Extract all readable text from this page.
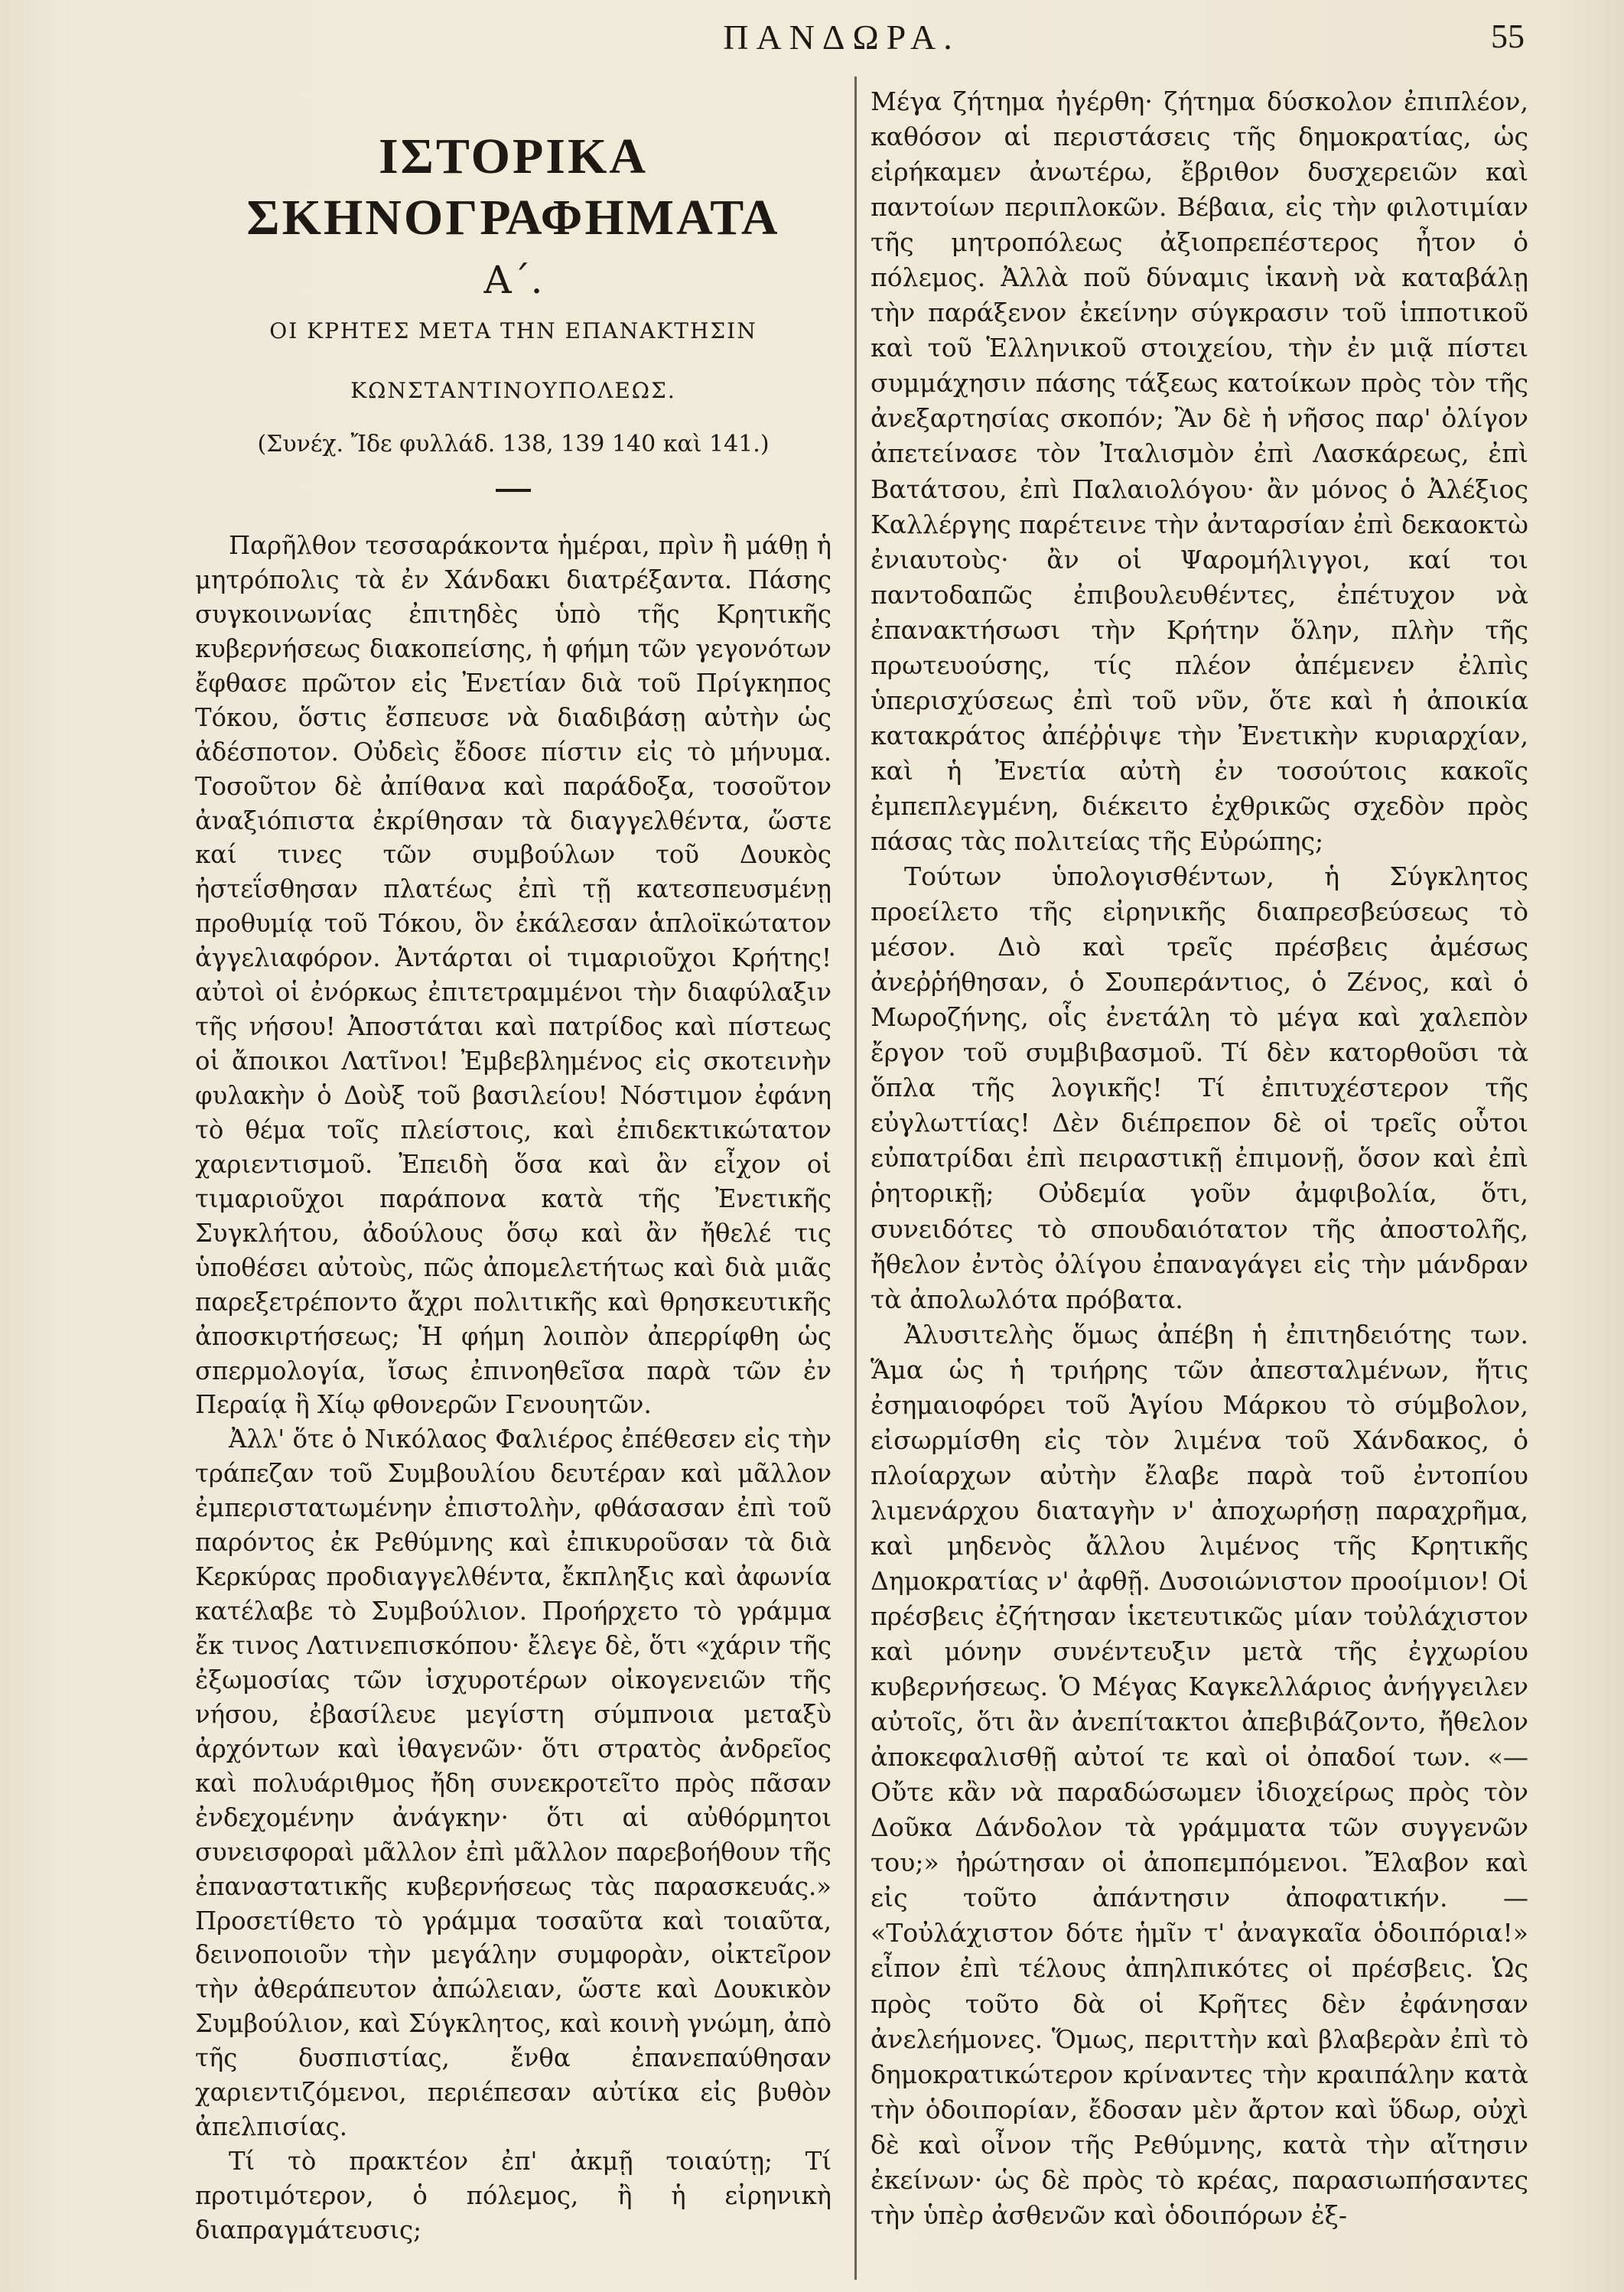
ΠΑΝΔΩΡΑ.	55
ΙΣΤΟΡΙΚΑ ΣΚΗΝΟΓΡΑΦΗΜΑΤΑ
Α΄.
ΟΙ ΚΡΗΤΕΣ ΜΕΤΑ ΤΗΝ ΕΠΑΝΑΚΤΗΣΙΝ
ΚΩΝΣΤΑΝΤΙΝΟΥΠΟΛΕΩΣ.
(Συνέχ. Ἴδε φυλλάδ. 138, 139 140 καὶ 141.)

Παρῆλθον τεσσαράκοντα ἡμέραι, πρὶν ἢ μάθῃ ἡ μητρόπολις τὰ ἐν Χάνδακι διατρέξαντα. Πάσης συγκοινωνίας ἐπιτηδὲς ὑπὸ τῆς Κρητικῆς κυβερνήσεως διακοπείσης, ἡ φήμη τῶν γεγονότων ἔφθασε πρῶτον εἰς Ἐνετίαν διὰ τοῦ Πρίγκηπος Τόκου, ὅστις ἔσπευσε νὰ διαδιβάσῃ αὐτὴν ὡς ἀδέσποτον. Οὐδεὶς ἔδοσε πίστιν εἰς τὸ μήνυμα. Τοσοῦτον δὲ ἀπίθανα καὶ παράδοξα, τοσοῦτον ἀναξιόπιστα ἐκρίθησαν τὰ διαγγελθέντα, ὥστε καί τινες τῶν συμβούλων τοῦ Δουκὸς ἠστεΐσθησαν πλατέως ἐπὶ τῇ κατεσπευσμένῃ προθυμίᾳ τοῦ Τόκου, ὃν ἐκάλεσαν ἁπλοϊκώτατον ἀγγελιαφόρον. Ἀντάρται οἱ τιμαριοῦχοι Κρήτης! αὐτοὶ οἱ ἐνόρκως ἐπιτετραμμένοι τὴν διαφύλαξιν τῆς νήσου! Ἀποστάται καὶ πατρίδος καὶ πίστεως οἱ ἄποικοι Λατῖνοι! Ἐμβεβλημένος εἰς σκοτεινὴν φυλακὴν ὁ Δοὺξ τοῦ βασιλείου! Νόστιμον ἐφάνη τὸ θέμα τοῖς πλείστοις, καὶ ἐπιδεκτικώτατον χαριεντισμοῦ. Ἐπειδὴ ὅσα καὶ ἂν εἶχον οἱ τιμαριοῦχοι παράπονα κατὰ τῆς Ἐνετικῆς Συγκλήτου, ἀδούλους ὅσῳ καὶ ἂν ἤθελέ τις ὑποθέσει αὐτοὺς, πῶς ἀπομελετήτως καὶ διὰ μιᾶς παρεξετρέποντο ἄχρι πολιτικῆς καὶ θρησκευτικῆς ἀποσκιρτήσεως; Ἡ φήμη λοιπὸν ἀπερρίφθη ὡς σπερμολογία, ἴσως ἐπινοηθεῖσα παρὰ τῶν ἐν Περαίᾳ ἢ Χίῳ φθονερῶν Γενουητῶν.

Ἀλλ' ὅτε ὁ Νικόλαος Φαλιέρος ἐπέθεσεν εἰς τὴν τράπεζαν τοῦ Συμβουλίου δευτέραν καὶ μᾶλλον ἐμπεριστατωμένην ἐπιστολὴν, φθάσασαν ἐπὶ τοῦ παρόντος ἐκ Ρεθύμνης καὶ ἐπικυροῦσαν τὰ διὰ Κερκύρας προδιαγγελθέντα, ἔκπληξις καὶ ἀφωνία κατέλαβε τὸ Συμβούλιον. Προήρχετο τὸ γράμμα ἔκ τινος Λατινεπισκόπου· ἔλεγε δὲ, ὅτι «χάριν τῆς ἐξωμοσίας τῶν ἰσχυροτέρων οἰκογενειῶν τῆς νήσου, ἐβασίλευε μεγίστη σύμπνοια μεταξὺ ἀρχόντων καὶ ἰθαγενῶν· ὅτι στρατὸς ἀνδρεῖος καὶ πολυάριθμος ἤδη συνεκροτεῖτο πρὸς πᾶσαν ἐνδεχομένην ἀνάγκην· ὅτι αἱ αὐθόρμητοι συνεισφοραὶ μᾶλλον ἐπὶ μᾶλλον παρεβοήθουν τῆς ἐπαναστατικῆς κυβερνήσεως τὰς παρασκευάς.» Προσετίθετο τὸ γράμμα τοσαῦτα καὶ τοιαῦτα, δεινοποιοῦν τὴν μεγάλην συμφορὰν, οἰκτεῖρον τὴν ἀθεράπευτον ἀπώλειαν, ὥστε καὶ Δουκικὸν Συμβούλιον, καὶ Σύγκλητος, καὶ κοινὴ γνώμη, ἀπὸ τῆς δυσπιστίας, ἔνθα ἐπανεπαύθησαν χαριεντιζόμενοι, περιέπεσαν αὐτίκα εἰς βυθὸν ἀπελπισίας.

Τί τὸ πρακτέον ἐπ' ἀκμῇ τοιαύτῃ; Τί προτιμότερον, ὁ πόλεμος, ἢ ἡ εἰρηνικὴ διαπραγμάτευσις;

Μέγα ζήτημα ἠγέρθη· ζήτημα δύσκολον ἐπιπλέον, καθόσον αἱ περιστάσεις τῆς δημοκρατίας, ὡς εἰρήκαμεν ἀνωτέρω, ἔβριθον δυσχερειῶν καὶ παντοίων περιπλοκῶν. Βέβαια, εἰς τὴν φιλοτιμίαν τῆς μητροπόλεως ἀξιοπρεπέστερος ἦτον ὁ πόλεμος. Ἀλλὰ ποῦ δύναμις ἱκανὴ νὰ καταβάλῃ τὴν παράξενον ἐκείνην σύγκρασιν τοῦ ἱπποτικοῦ καὶ τοῦ Ἑλληνικοῦ στοιχείου, τὴν ἐν μιᾷ πίστει συμμάχησιν πάσης τάξεως κατοίκων πρὸς τὸν τῆς ἀνεξαρτησίας σκοπόν; Ἂν δὲ ἡ νῆσος παρ' ὀλίγον ἀπετείνασε τὸν Ἰταλισμὸν ἐπὶ Λασκάρεως, ἐπὶ Βατάτσου, ἐπὶ Παλαιολόγου· ἂν μόνος ὁ Ἀλέξιος Καλλέργης παρέτεινε τὴν ἀνταρσίαν ἐπὶ δεκαοκτὼ ἐνιαυτοὺς· ἂν οἱ Ψαρομήλιγγοι, καί τοι παντοδαπῶς ἐπιβουλευθέντες, ἐπέτυχον νὰ ἐπανακτήσωσι τὴν Κρήτην ὅλην, πλὴν τῆς πρωτευούσης, τίς πλέον ἀπέμενεν ἐλπὶς ὑπερισχύσεως ἐπὶ τοῦ νῦν, ὅτε καὶ ἡ ἀποικία κατακράτος ἀπέῤῥιψε τὴν Ἐνετικὴν κυριαρχίαν, καὶ ἡ Ἐνετία αὐτὴ ἐν τοσούτοις κακοῖς ἐμπεπλεγμένη, διέκειτο ἐχθρικῶς σχεδὸν πρὸς πάσας τὰς πολιτείας τῆς Εὐρώπης;

Τούτων ὑπολογισθέντων, ἡ Σύγκλητος προείλετο τῆς εἰρηνικῆς διαπρεσβεύσεως τὸ μέσον. Διὸ καὶ τρεῖς πρέσβεις ἀμέσως ἀνεῤῥήθησαν, ὁ Σουπεράντιος, ὁ Ζένος, καὶ ὁ Μωροζήνης, οἷς ἐνετάλη τὸ μέγα καὶ χαλεπὸν ἔργον τοῦ συμβιβασμοῦ. Τί δὲν κατορθοῦσι τὰ ὅπλα τῆς λογικῆς! Τί ἐπιτυχέστερον τῆς εὐγλωττίας! Δὲν διέπρεπον δὲ οἱ τρεῖς οὗτοι εὐπατρίδαι ἐπὶ πειραστικῇ ἐπιμονῇ, ὅσον καὶ ἐπὶ ῥητορικῇ; Οὐδεμία γοῦν ἀμφιβολία, ὅτι, συνειδότες τὸ σπουδαιότατον τῆς ἀποστολῆς, ἤθελον ἐντὸς ὀλίγου ἐπαναγάγει εἰς τὴν μάνδραν τὰ ἀπολωλότα πρόβατα.

Ἀλυσιτελὴς ὅμως ἀπέβη ἡ ἐπιτηδειότης των. Ἅμα ὡς ἡ τριήρης τῶν ἀπεσταλμένων, ἥτις ἐσημαιοφόρει τοῦ Ἁγίου Μάρκου τὸ σύμβολον, εἰσωρμίσθη εἰς τὸν λιμένα τοῦ Χάνδακος, ὁ πλοίαρχων αὐτὴν ἔλαβε παρὰ τοῦ ἐντοπίου λιμενάρχου διαταγὴν ν' ἀποχωρήσῃ παραχρῆμα, καὶ μηδενὸς ἄλλου λιμένος τῆς Κρητικῆς Δημοκρατίας ν' ἀφθῇ. Δυσοιώνιστον προοίμιον! Οἱ πρέσβεις ἐζήτησαν ἱκετευτικῶς μίαν τοὐλάχιστον καὶ μόνην συνέντευξιν μετὰ τῆς ἐγχωρίου κυβερνήσεως. Ὁ Μέγας Καγκελλάριος ἀνήγγειλεν αὐτοῖς, ὅτι ἂν ἀνεπίτακτοι ἀπεβιβάζοντο, ἤθελον ἀποκεφαλισθῇ αὐτοί τε καὶ οἱ ὀπαδοί των. «— Οὔτε κἂν νὰ παραδώσωμεν ἰδιοχείρως πρὸς τὸν Δοῦκα Δάνδολον τὰ γράμματα τῶν συγγενῶν του;» ἠρώτησαν οἱ ἀποπεμπόμενοι. Ἔλαβον καὶ εἰς τοῦτο ἀπάντησιν ἀποφατικήν. — «Τοὐλάχιστον δότε ἡμῖν τ' ἀναγκαῖα ὁδοιπόρια!» εἶπον ἐπὶ τέλους ἀπηλπικότες οἱ πρέσβεις. Ὡς πρὸς τοῦτο δὰ οἱ Κρῆτες δὲν ἐφάνησαν ἀνελεήμονες. Ὅμως, περιττὴν καὶ βλαβερὰν ἐπὶ τὸ δημοκρατικώτερον κρίναντες τὴν κραιπάλην κατὰ τὴν ὁδοιπορίαν, ἔδοσαν μὲν ἄρτον καὶ ὕδωρ, οὐχὶ δὲ καὶ οἶνον τῆς Ρεθύμνης, κατὰ τὴν αἴτησιν ἐκείνων· ὡς δὲ πρὸς τὸ κρέας, παρασιωπήσαντες τὴν ὑπὲρ ἀσθενῶν καὶ ὁδοιπόρων ἐξ-
